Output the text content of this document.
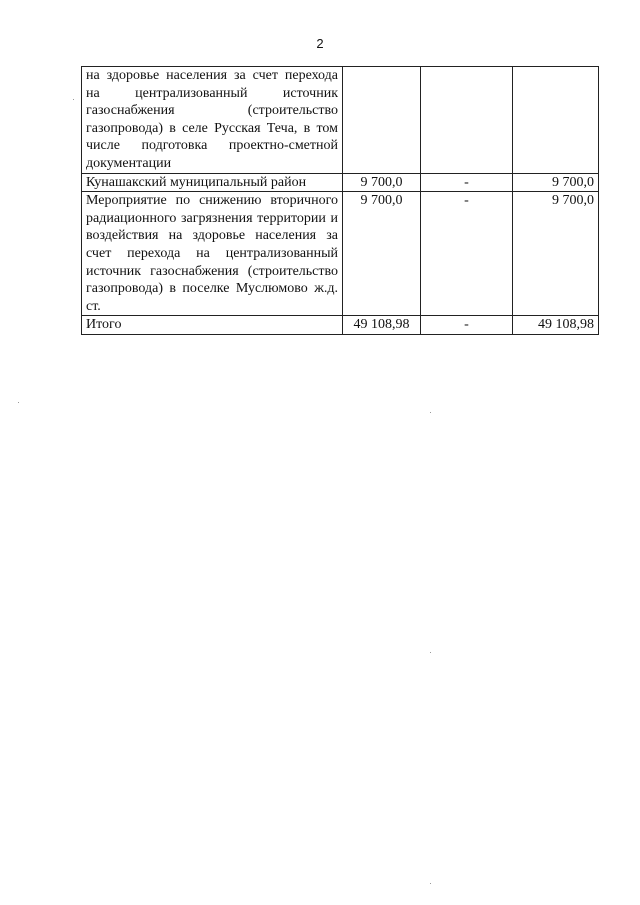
2
на здоровье населения за счет перехода на централизованный источник газоснабжения (строительство газопровода) в селе Русская Теча, в том числе подготовка проектно-сметной документации			
Кунашакский муниципальный район	9 700,0	-	9 700,0
Мероприятие по снижению вторичного радиационного загрязнения территории и воздействия на здоровье населения за счет перехода на централизованный источник газоснабжения (строительство газопровода) в поселке Муслюмово ж.д. ст.	9 700,0	-	9 700,0
Итого	49 108,98	-	49 108,98
